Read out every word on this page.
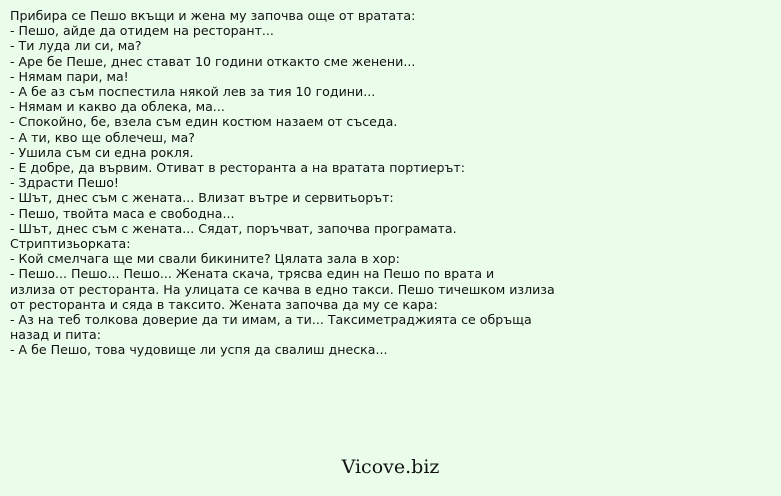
Прибира се Пешо вкъщи и жена му започва още от вратата:
- Пешо, айде да отидем на ресторант...
- Ти луда ли си, ма?
- Аре бе Пеше, днес стават 10 години откакто сме женени...
- Нямам пари, ма!
- А бе аз съм поспестила някой лев за тия 10 години...
- Нямам и какво да облека, ма...
- Спокойно, бе, взела съм един костюм назаем от съседа.
- А ти, кво ще облечеш, ма?
- Ушила съм си една рокля.
- Е добре, да вървим. Отиват в ресторанта а на вратата портиерът:
- Здрасти Пешо!
- Шът, днес съм с жената... Влизат вътре и сервитьорът:
- Пешо, твойта маса е свободна...
- Шът, днес съм с жената... Сядат, поръчват, започва програмата.
Стриптизьорката:
- Кой смелчага ще ми свали бикините? Цялата зала в хор:
- Пешо... Пешо... Пешо... Жената скача, трясва един на Пешо по врата и
излиза от ресторанта. На улицата се качва в едно такси. Пешо тичешком излиза
от ресторанта и сяда в таксито. Жената започва да му се кара:
- Аз на теб толкова доверие да ти имам, а ти... Таксиметраджията се обръща
назад и пита:
- А бе Пешо, това чудовище ли успя да свалиш днеска...
Vicove.biz
